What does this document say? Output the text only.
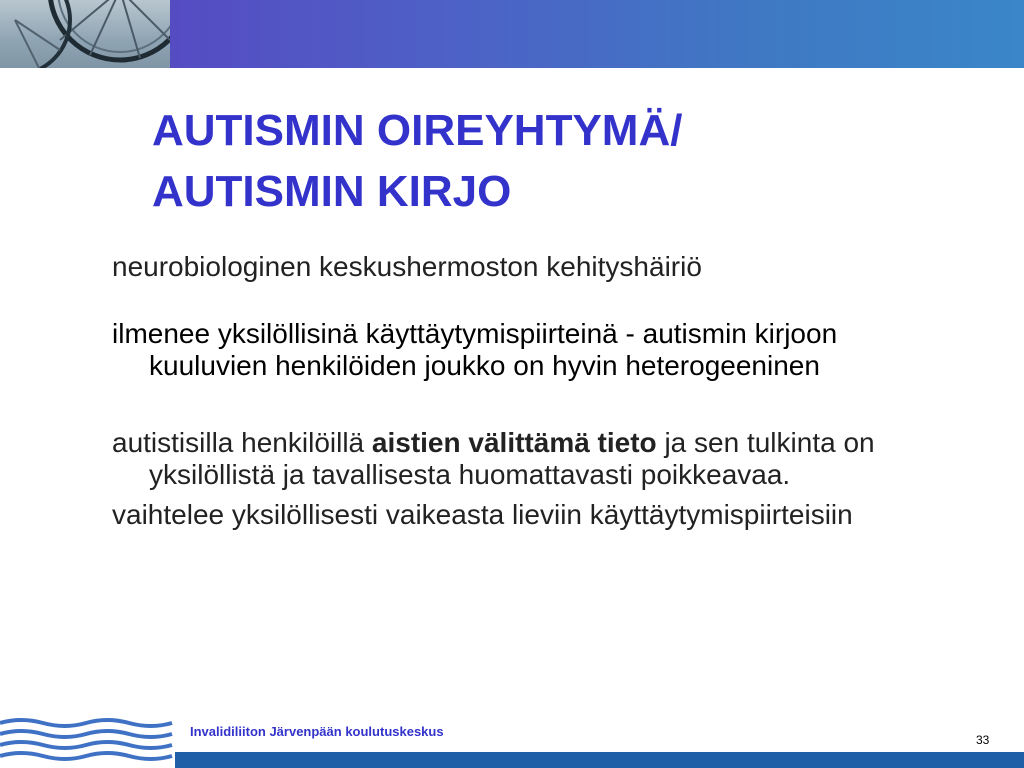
AUTISMIN OIREYHTYMÄ/
AUTISMIN KIRJO
neurobiologinen keskushermoston kehityshäiriö
ilmenee yksilöllisinä käyttäytymispiirteinä - autismin kirjoon kuuluvien henkilöiden joukko on hyvin heterogeeninen
autistisilla henkilöillä aistien välittämä tieto ja sen tulkinta on yksilöllistä ja tavallisesta huomattavasti poikkeavaa.
vaihtelee yksilöllisesti vaikeasta lieviin käyttäytymispiirteisiin
Invalidiliiton Järvenpään koulutuskeskus
33
